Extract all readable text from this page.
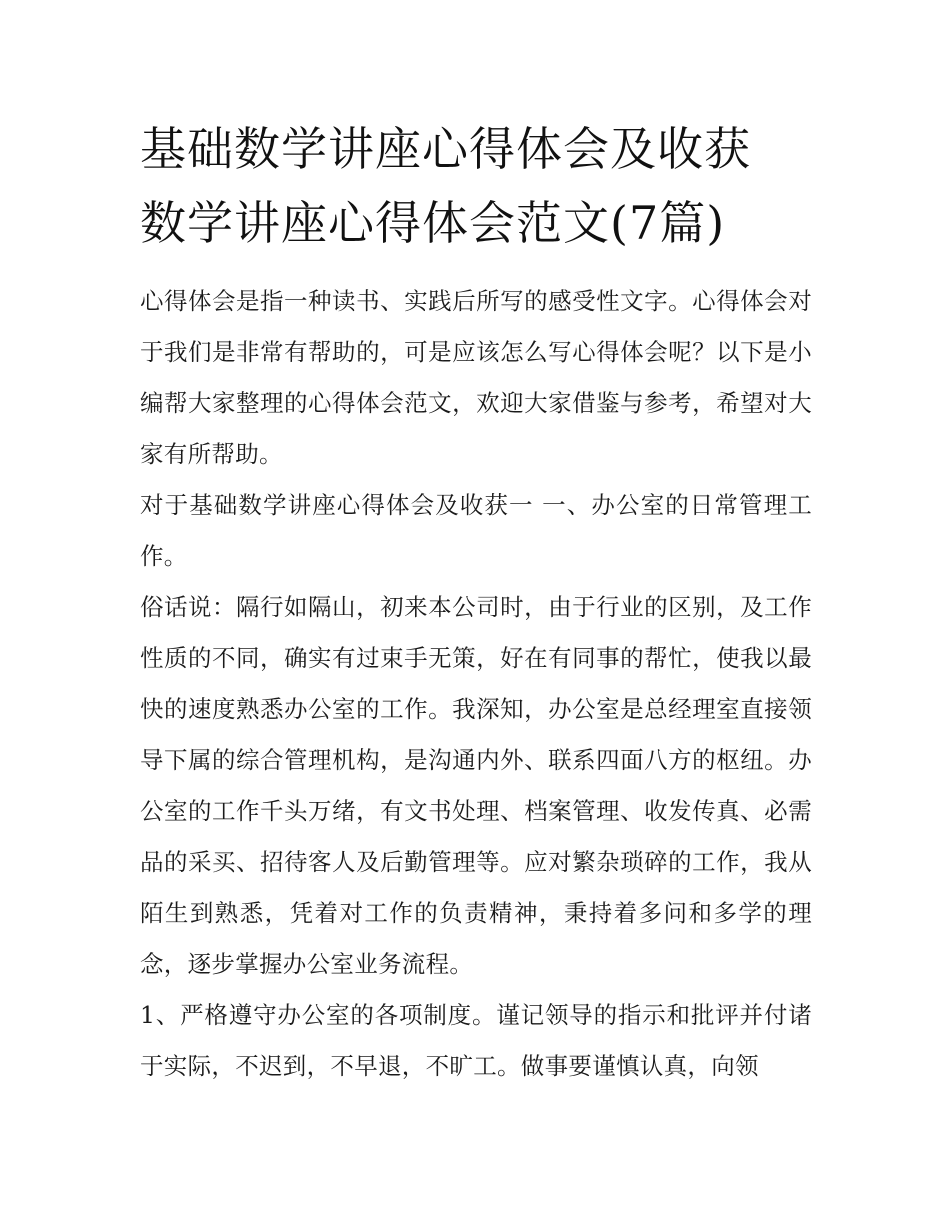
基础数学讲座心得体会及收获
数学讲座心得体会范文(7篇)

心得体会是指一种读书、实践后所写的感受性文字。心得体会对于我们是非常有帮助的，可是应该怎么写心得体会呢？以下是小编帮大家整理的心得体会范文，欢迎大家借鉴与参考，希望对大家有所帮助。

对于基础数学讲座心得体会及收获一 一、办公室的日常管理工作。

俗话说：隔行如隔山，初来本公司时，由于行业的区别，及工作性质的不同，确实有过束手无策，好在有同事的帮忙，使我以最快的速度熟悉办公室的工作。我深知，办公室是总经理室直接领导下属的综合管理机构，是沟通内外、联系四面八方的枢纽。办公室的工作千头万绪，有文书处理、档案管理、收发传真、必需品的采买、招待客人及后勤管理等。应对繁杂琐碎的工作，我从陌生到熟悉，凭着对工作的负责精神，秉持着多问和多学的理念，逐步掌握办公室业务流程。

1、严格遵守办公室的各项制度。谨记领导的指示和批评并付诸于实际，不迟到，不早退，不旷工。做事要谨慎认真，向领
